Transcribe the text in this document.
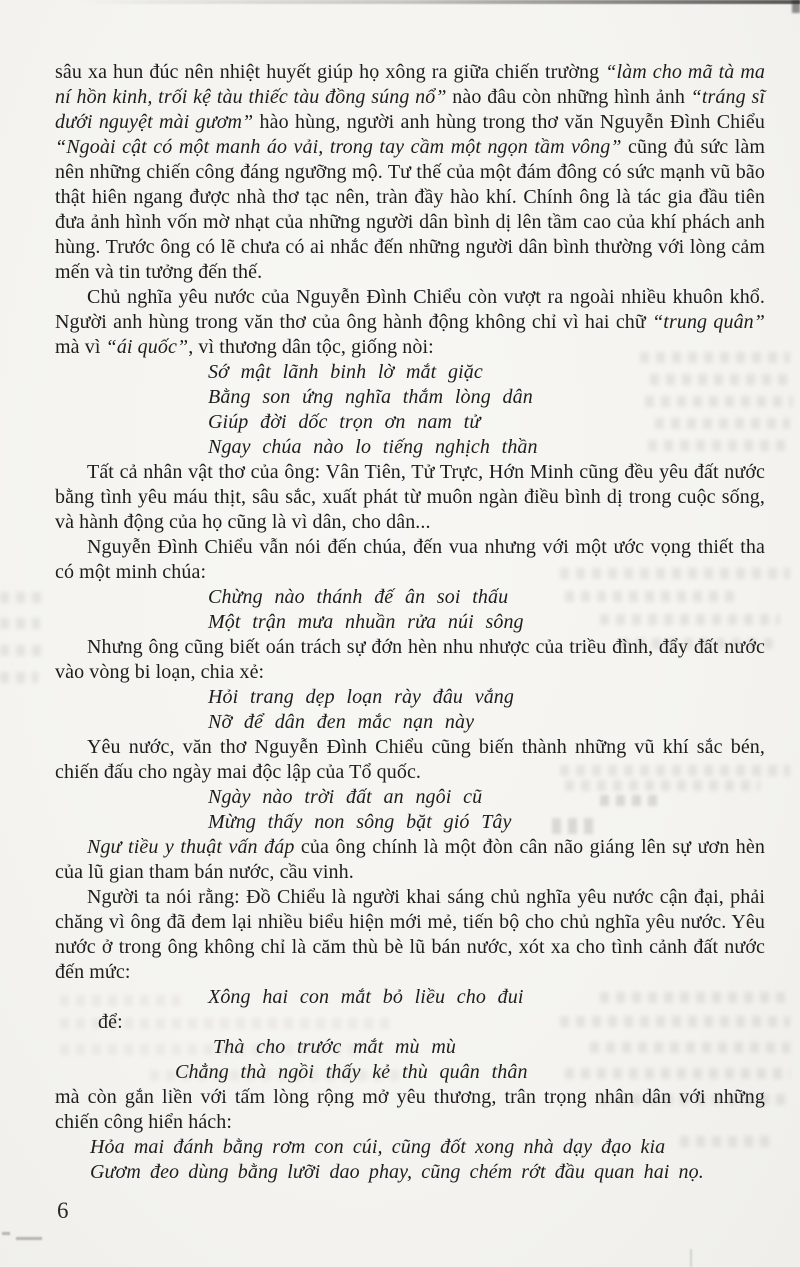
sâu xa hun đúc nên nhiệt huyết giúp họ xông ra giữa chiến trường “làm cho mã tà ma ní hồn kinh, trối kệ tàu thiếc tàu đồng súng nổ” nào đâu còn những hình ảnh “tráng sĩ dưới nguyệt mài gươm” hào hùng, người anh hùng trong thơ văn Nguyễn Đình Chiểu “Ngoài cật có một manh áo vải, trong tay cầm một ngọn tầm vông” cũng đủ sức làm nên những chiến công đáng ngưỡng mộ. Tư thế của một đám đông có sức mạnh vũ bão thật hiên ngang được nhà thơ tạc nên, tràn đầy hào khí. Chính ông là tác gia đầu tiên đưa ảnh hình vốn mờ nhạt của những người dân bình dị lên tầm cao của khí phách anh hùng. Trước ông có lẽ chưa có ai nhắc đến những người dân bình thường với lòng cảm mến và tin tưởng đến thế.

Chủ nghĩa yêu nước của Nguyễn Đình Chiểu còn vượt ra ngoài nhiều khuôn khổ. Người anh hùng trong văn thơ của ông hành động không chỉ vì hai chữ “trung quân” mà vì “ái quốc”, vì thương dân tộc, giống nòi:

Sớ mật lãnh binh lờ mắt giặc
Bằng son ứng nghĩa thắm lòng dân
Giúp đời dốc trọn ơn nam tử
Ngay chúa nào lo tiếng nghịch thần

Tất cả nhân vật thơ của ông: Vân Tiên, Tử Trực, Hớn Minh cũng đều yêu đất nước bằng tình yêu máu thịt, sâu sắc, xuất phát từ muôn ngàn điều bình dị trong cuộc sống, và hành động của họ cũng là vì dân, cho dân...

Nguyễn Đình Chiểu vẫn nói đến chúa, đến vua nhưng với một ước vọng thiết tha có một minh chúa:

Chừng nào thánh đế ân soi thấu
Một trận mưa nhuần rửa núi sông

Nhưng ông cũng biết oán trách sự đớn hèn nhu nhược của triều đình, đẩy đất nước vào vòng bi loạn, chia xẻ:

Hỏi trang dẹp loạn rày đâu vắng
Nỡ để dân đen mắc nạn này

Yêu nước, văn thơ Nguyễn Đình Chiểu cũng biến thành những vũ khí sắc bén, chiến đấu cho ngày mai độc lập của Tổ quốc.

Ngày nào trời đất an ngôi cũ
Mừng thấy non sông bặt gió Tây

Ngư tiều y thuật vấn đáp của ông chính là một đòn cân não giáng lên sự ươn hèn của lũ gian tham bán nước, cầu vinh.

Người ta nói rằng: Đồ Chiểu là người khai sáng chủ nghĩa yêu nước cận đại, phải chăng vì ông đã đem lại nhiều biểu hiện mới mẻ, tiến bộ cho chủ nghĩa yêu nước. Yêu nước ở trong ông không chỉ là căm thù bè lũ bán nước, xót xa cho tình cảnh đất nước đến mức:

Xông hai con mắt bỏ liều cho đui

để:

Thà cho trước mắt mù mù
Chẳng thà ngồi thấy kẻ thù quân thân

mà còn gắn liền với tấm lòng rộng mở yêu thương, trân trọng nhân dân với những chiến công hiển hách:

Hỏa mai đánh bằng rơm con cúi, cũng đốt xong nhà dạy đạo kia
Gươm đeo dùng bằng lưỡi dao phay, cũng chém rớt đầu quan hai nọ.
6
